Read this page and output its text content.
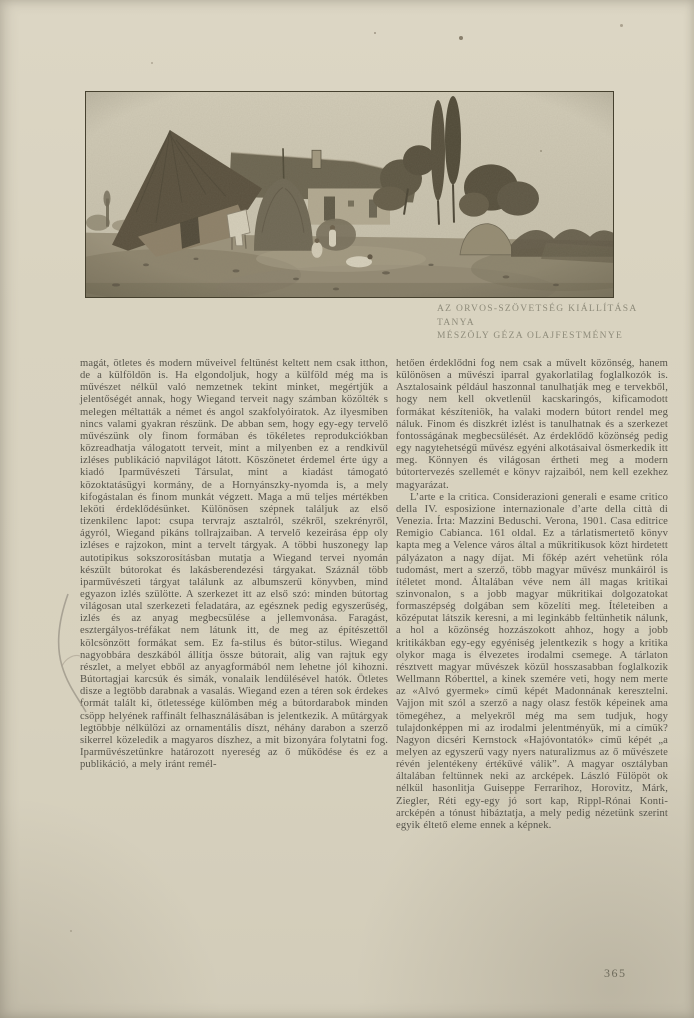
AZ ORVOS-SZÖVETSÉG KIÁLLÍTÁSA
TANYA
MÉSZÖLY GÉZA OLAJFESTMÉNYE

magát, ötletes és modern műveivel feltünést keltett nem csak itthon, de a külföldön is. Ha elgondoljuk, hogy a külföld még ma is művészet nélkül való nemzetnek tekint minket, megértjük a jelentőségét annak, hogy Wiegand terveit nagy számban közölték s melegen méltatták a német és angol szakfolyóiratok. Az ilyesmiben nincs valami gyakran részünk. De abban sem, hogy egy-egy tervelő művészünk oly finom formában és tökéletes reprodukciókban közreadhatja válogatott terveit, mint a milyenben ez a rendkivül izléses publikáció napvilágot látott. Köszönetet érdemel érte úgy a kiadó Iparművészeti Társulat, mint a kiadást támogató közoktatásügyi kormány, de a Hornyánszky-nyomda is, a mely kifogástalan és finom munkát végzett. Maga a mű teljes mértékben leköti érdeklődésünket. Különösen szépnek találjuk az első tizenkilenc lapot: csupa tervrajz asztalról, székről, szekrényről, ágyról, Wiegand pikáns tollrajzaiban. A tervelő kezeirása épp oly izléses e rajzokon, mint a tervelt tárgyak. A többi huszonegy lap autotipikus sokszorosításban mutatja a Wiegand tervei nyomán készült bútorokat és lakásberendezési tárgyakat. Száznál több iparművészeti tárgyat találunk az albumszerű könyvben, mind egyazon izlés szülötte. A szerkezet itt az első szó: minden bútortag világosan utal szerkezeti feladatára, az egésznek pedig egyszerűség, izlés és az anyag megbecsülése a jellemvonása. Faragást, esztergályos-tréfákat nem látunk itt, de meg az építészettől kölcsönzött formákat sem. Ez fa-stilus és bútor-stilus. Wiegand nagyobbára deszkából állítja össze bútorait, alig van rajtuk egy részlet, a melyet ebből az anyagformából nem lehetne jól kihozni. Bútortagjai karcsúk és simák, vonalaik lendülésével hatók. Ötletes disze a legtöbb darabnak a vasalás. Wiegand ezen a téren sok érdekes formát talált ki, ötletessége külömben még a bútordarabok minden csöpp helyének raffinált felhasználásában is jelentkezik. A műtárgyak legtöbbje nélkülözi az ornamentális díszt, néhány darabon a szerző sikerrel közeledik a magyaros díszhez, a mit bizonyára folytatni fog. Iparművészetünkre határozott nyereség az ő működése és ez a publikáció, a mely iránt remél-

hetően érdeklődni fog nem csak a művelt közönség, hanem különösen a művészi iparral gyakorlatilag foglalkozók is. Asztalosaink például haszonnal tanulhatják meg e tervekből, hogy nem kell okvetlenül kacskaringós, kificamodott formákat készíteniök, ha valaki modern bútort rendel meg náluk. Finom és diszkrét izlést is tanulhatnak és a szerkezet fontosságának megbecsülését. Az érdeklődő közönség pedig egy nagytehetségű művész egyéni alkotásaival ösmerkedik itt meg. Könnyen és világosan értheti meg a modern bútortervezés szellemét e könyv rajzaiból, nem kell ezekhez magyarázat.

L’arte e la critica. Considerazioni generali e esame critico della IV. esposizione internazionale d’arte della città di Venezia. Írta: Mazzini Beduschi. Verona, 1901. Casa editrice Remigio Cabianca. 161 oldal. Ez a tárlatismertető könyv kapta meg a Velence város által a műkritikusok közt hirdetett pályázaton a nagy díjat. Mi főkép azért vehetünk róla tudomást, mert a szerző, több magyar művész munkáiról is ítéletet mond. Általában véve nem áll magas kritikai szinvonalon, s a jobb magyar műkritikai dolgozatokat formaszépség dolgában sem közelíti meg. Ítéleteiben a középutat látszik keresni, a mi leginkább feltünhetik nálunk, a hol a közönség hozzászokott ahhoz, hogy a jobb kritikákban egy-egy egyéniség jelentkezik s hogy a kritika olykor maga is élvezetes irodalmi csemege. A tárlaton résztvett magyar művészek közül hosszasabban foglalkozik Wellmann Róberttel, a kinek szemére veti, hogy nem merte az «Alvó gyermek» című képét Madonnának keresztelni. Vajjon mit szól a szerző a nagy olasz festők képeinek ama tömegéhez, a melyekről még ma sem tudjuk, hogy tulajdonképpen mi az irodalmi jelentményük, mi a címük? Nagyon dicséri Kernstock «Hajóvontatók» című képét „a melyen az egyszerű vagy nyers naturalizmus az ő művészete révén jelentékeny értékűvé válik”. A magyar osztályban általában feltünnek neki az arcképek. László Fülöpöt ok nélkül hasonlitja Guiseppe Ferrarihoz, Horovitz, Márk, Ziegler, Réti egy-egy jó sort kap, Rippl-Rónai Konti-arcképén a tónust hibáztatja, a mely pedig nézetünk szerint egyik éltető eleme ennek a képnek.

365
